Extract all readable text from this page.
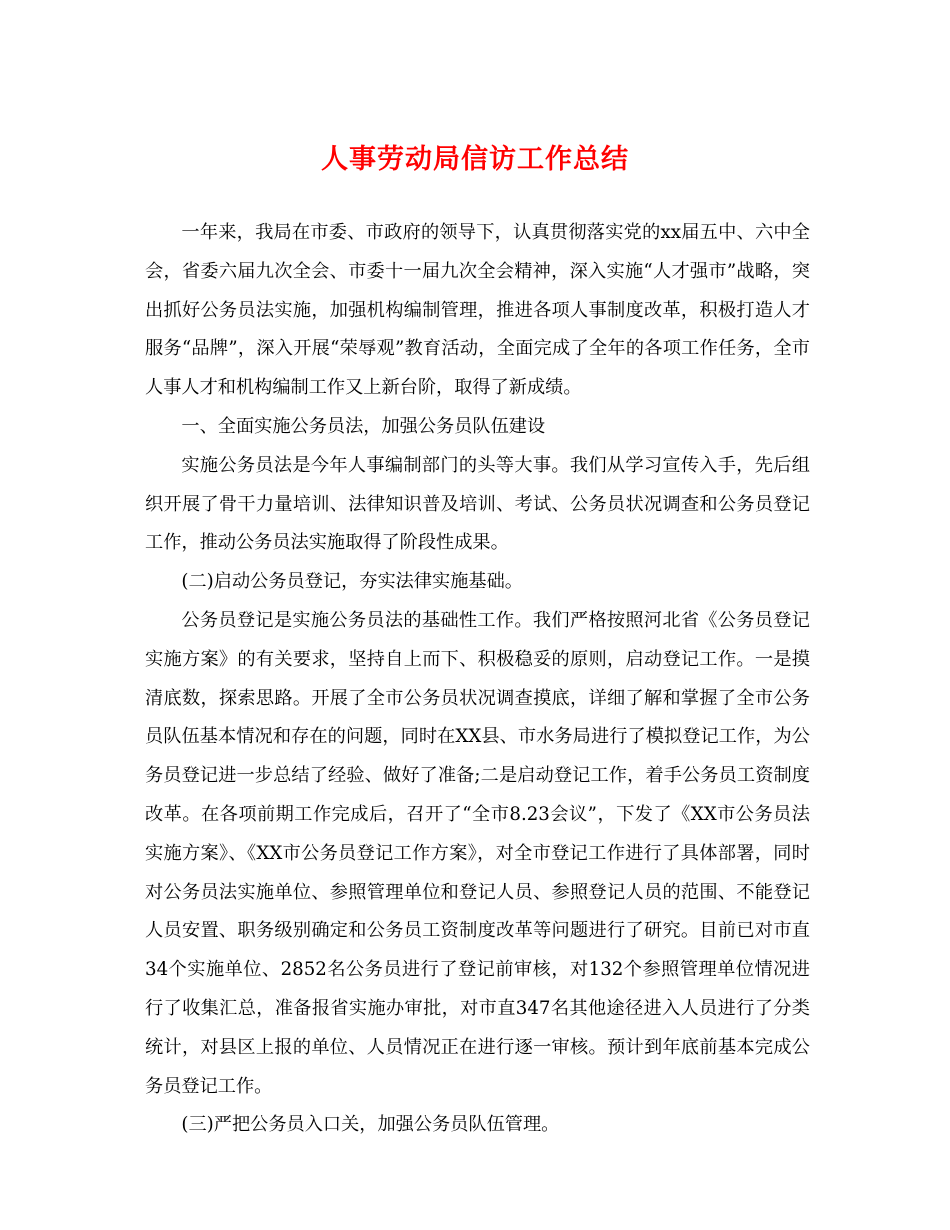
人事劳动局信访工作总结

一年来，我局在市委、市政府的领导下，认真贯彻落实党的xx届五中、六中全会，省委六届九次全会、市委十一届九次全会精神，深入实施“人才强市”战略，突出抓好公务员法实施，加强机构编制管理，推进各项人事制度改革，积极打造人才服务“品牌”，深入开展“荣辱观”教育活动，全面完成了全年的各项工作任务，全市人事人才和机构编制工作又上新台阶，取得了新成绩。

一、全面实施公务员法，加强公务员队伍建设

实施公务员法是今年人事编制部门的头等大事。我们从学习宣传入手，先后组织开展了骨干力量培训、法律知识普及培训、考试、公务员状况调查和公务员登记工作，推动公务员法实施取得了阶段性成果。

(二)启动公务员登记，夯实法律实施基础。

公务员登记是实施公务员法的基础性工作。我们严格按照河北省《公务员登记实施方案》的有关要求，坚持自上而下、积极稳妥的原则，启动登记工作。一是摸清底数，探索思路。开展了全市公务员状况调查摸底，详细了解和掌握了全市公务员队伍基本情况和存在的问题，同时在XX县、市水务局进行了模拟登记工作，为公务员登记进一步总结了经验、做好了准备;二是启动登记工作，着手公务员工资制度改革。在各项前期工作完成后，召开了“全市8.23会议”，下发了《XX市公务员法实施方案》、《XX市公务员登记工作方案》，对全市登记工作进行了具体部署，同时对公务员法实施单位、参照管理单位和登记人员、参照登记人员的范围、不能登记人员安置、职务级别确定和公务员工资制度改革等问题进行了研究。目前已对市直34个实施单位、2852名公务员进行了登记前审核，对132个参照管理单位情况进行了收集汇总，准备报省实施办审批，对市直347名其他途径进入人员进行了分类统计，对县区上报的单位、人员情况正在进行逐一审核。预计到年底前基本完成公务员登记工作。

(三)严把公务员入口关，加强公务员队伍管理。
